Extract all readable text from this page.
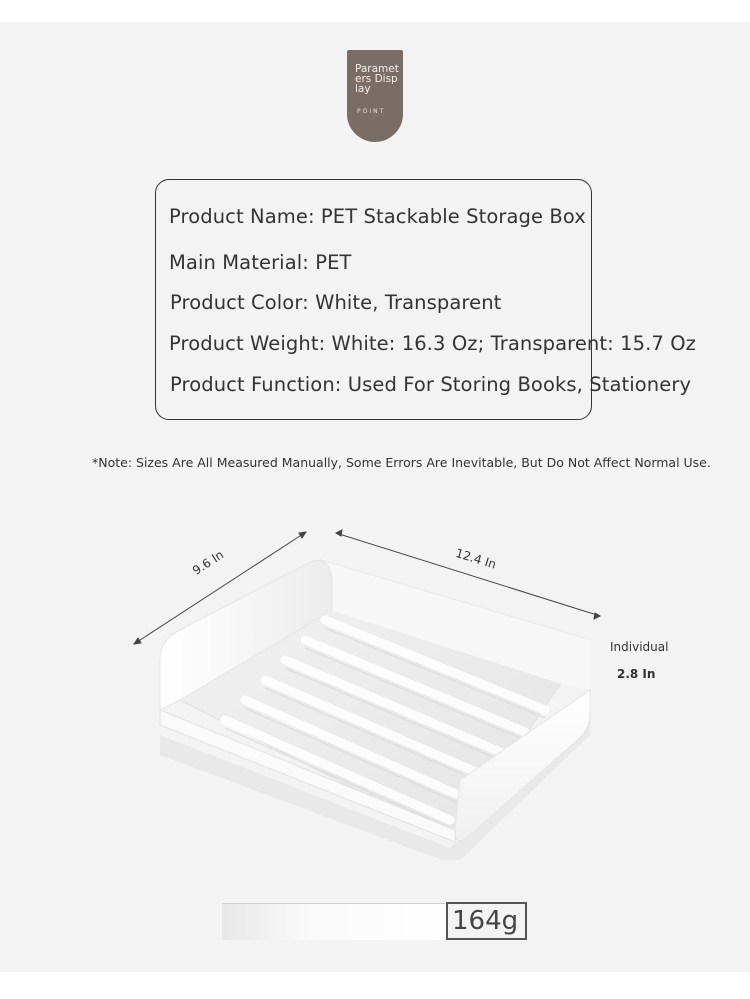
Parameters Display
POINT
Product Name: PET Stackable Storage Box
Main Material: PET
Product Color: White, Transparent
Product Weight: White: 16.3 Oz; Transparent: 15.7 Oz
Product Function: Used For Storing Books, Stationery
*Note: Sizes Are All Measured Manually, Some Errors Are Inevitable, But Do Not Affect Normal Use.
9.6 In	12.4 In
Individual
2.8 In
164g
